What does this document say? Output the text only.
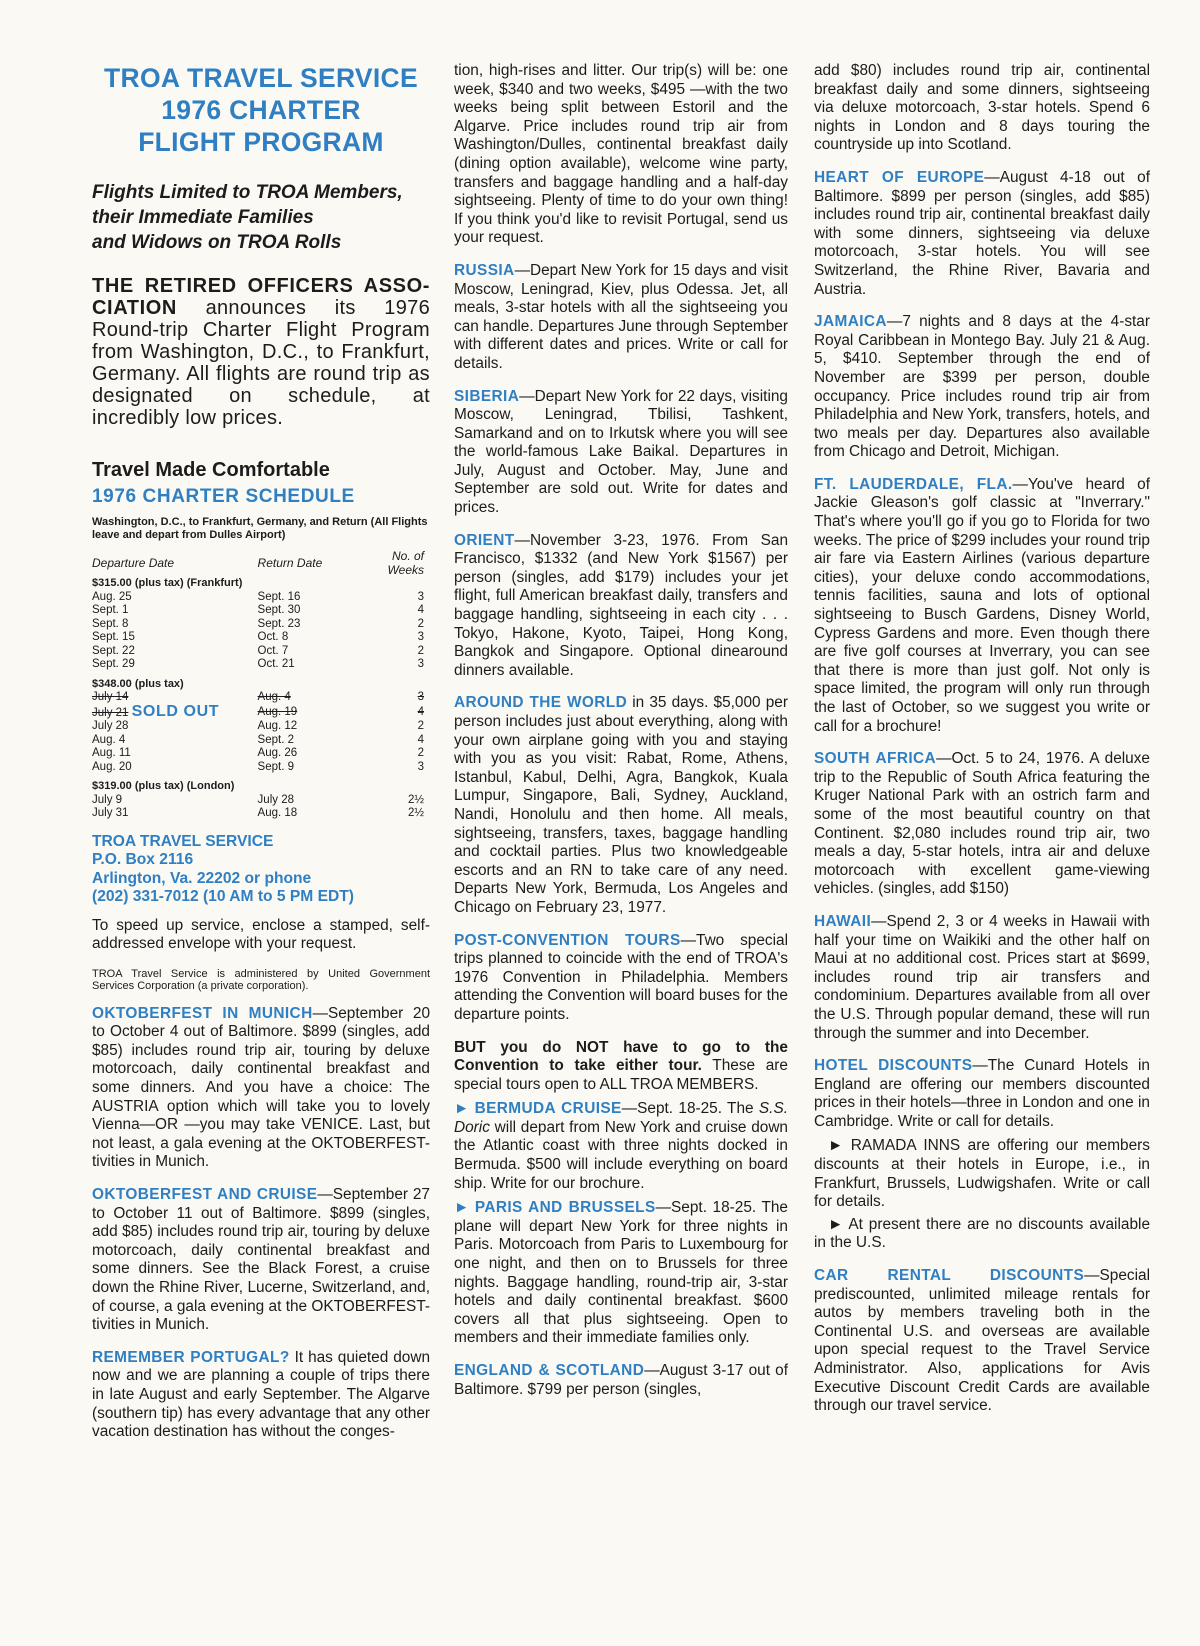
TROA TRAVEL SERVICE
1976 CHARTER
FLIGHT PROGRAM
Flights Limited to TROA Members,
their Immediate Families
and Widows on TROA Rolls
THE RETIRED OFFICERS ASSO-CIATION announces its 1976 Round-trip Charter Flight Program from Washington, D.C., to Frankfurt, Germany. All flights are round trip as designated on schedule, at incredibly low prices.
Travel Made Comfortable
1976 CHARTER SCHEDULE
Washington, D.C., to Frankfurt, Germany, and Return (All Flights leave and depart from Dulles Airport)
Departure Date	Return Date	No. of Weeks
$315.00 (plus tax) (Frankfurt)		
Aug. 25	Sept. 16	3
Sept. 1	Sept. 30	4
Sept. 8	Sept. 23	2
Sept. 15	Oct. 8	3
Sept. 22	Oct. 7	2
Sept. 29	Oct. 21	3

$348.00 (plus tax)		
July 14	Aug. 4	3
July 21 SOLD OUT	Aug. 19	4
July 28	Aug. 12	2
Aug. 4	Sept. 2	4
Aug. 11	Aug. 26	2
Aug. 20	Sept. 9	3

$319.00 (plus tax) (London)		
July 9	July 28	2½
July 31	Aug. 18	2½
TROA TRAVEL SERVICE
P.O. Box 2116
Arlington, Va. 22202 or phone
(202) 331-7012 (10 AM to 5 PM EDT)

To speed up service, enclose a stamped, self-addressed envelope with your request.

TROA Travel Service is administered by United Government Services Corporation (a private corporation).

OKTOBERFEST IN MUNICH—September 20 to October 4 out of Baltimore. $899 (singles, add $85) includes round trip air, touring by deluxe motorcoach, daily continental breakfast and some dinners. And you have a choice: The AUSTRIA option which will take you to lovely Vienna—OR —you may take VENICE. Last, but not least, a gala evening at the OKTOBERFEST-tivities in Munich.

OKTOBERFEST AND CRUISE—September 27 to October 11 out of Baltimore. $899 (singles, add $85) includes round trip air, touring by deluxe motorcoach, daily continental breakfast and some dinners. See the Black Forest, a cruise down the Rhine River, Lucerne, Switzerland, and, of course, a gala evening at the OKTOBERFEST-tivities in Munich.

REMEMBER PORTUGAL? It has quieted down now and we are planning a couple of trips there in late August and early September. The Algarve (southern tip) has every advantage that any other vacation destination has without the conges-

tion, high-rises and litter. Our trip(s) will be: one week, $340 and two weeks, $495 —with the two weeks being split between Estoril and the Algarve. Price includes round trip air from Washington/Dulles, continental breakfast daily (dining option available), welcome wine party, transfers and baggage handling and a half-day sightseeing. Plenty of time to do your own thing! If you think you'd like to revisit Portugal, send us your request.

RUSSIA—Depart New York for 15 days and visit Moscow, Leningrad, Kiev, plus Odessa. Jet, all meals, 3-star hotels with all the sightseeing you can handle. Departures June through September with different dates and prices. Write or call for details.

SIBERIA—Depart New York for 22 days, visiting Moscow, Leningrad, Tbilisi, Tashkent, Samarkand and on to Irkutsk where you will see the world-famous Lake Baikal. Departures in July, August and October. May, June and September are sold out. Write for dates and prices.

ORIENT—November 3-23, 1976. From San Francisco, $1332 (and New York $1567) per person (singles, add $179) includes your jet flight, full American breakfast daily, transfers and baggage handling, sightseeing in each city . . . Tokyo, Hakone, Kyoto, Taipei, Hong Kong, Bangkok and Singapore. Optional dinearound dinners available.

AROUND THE WORLD in 35 days. $5,000 per person includes just about everything, along with your own airplane going with you and staying with you as you visit: Rabat, Rome, Athens, Istanbul, Kabul, Delhi, Agra, Bangkok, Kuala Lumpur, Singapore, Bali, Sydney, Auckland, Nandi, Honolulu and then home. All meals, sightseeing, transfers, taxes, baggage handling and cocktail parties. Plus two knowledgeable escorts and an RN to take care of any need. Departs New York, Bermuda, Los Angeles and Chicago on February 23, 1977.

POST-CONVENTION TOURS—Two special trips planned to coincide with the end of TROA's 1976 Convention in Philadelphia. Members attending the Convention will board buses for the departure points.

BUT you do NOT have to go to the Convention to take either tour. These are special tours open to ALL TROA MEMBERS.

► BERMUDA CRUISE—Sept. 18-25. The S.S. Doric will depart from New York and cruise down the Atlantic coast with three nights docked in Bermuda. $500 will include everything on board ship. Write for our brochure.

► PARIS AND BRUSSELS—Sept. 18-25. The plane will depart New York for three nights in Paris. Motorcoach from Paris to Luxembourg for one night, and then on to Brussels for three nights. Baggage handling, round-trip air, 3-star hotels and daily continental breakfast. $600 covers all that plus sightseeing. Open to members and their immediate families only.

ENGLAND & SCOTLAND—August 3-17 out of Baltimore. $799 per person (singles,

add $80) includes round trip air, continental breakfast daily and some dinners, sightseeing via deluxe motorcoach, 3-star hotels. Spend 6 nights in London and 8 days touring the countryside up into Scotland.

HEART OF EUROPE—August 4-18 out of Baltimore. $899 per person (singles, add $85) includes round trip air, continental breakfast daily with some dinners, sightseeing via deluxe motorcoach, 3-star hotels. You will see Switzerland, the Rhine River, Bavaria and Austria.

JAMAICA—7 nights and 8 days at the 4-star Royal Caribbean in Montego Bay. July 21 & Aug. 5, $410. September through the end of November are $399 per person, double occupancy. Price includes round trip air from Philadelphia and New York, transfers, hotels, and two meals per day. Departures also available from Chicago and Detroit, Michigan.

FT. LAUDERDALE, FLA.—You've heard of Jackie Gleason's golf classic at "Inverrary." That's where you'll go if you go to Florida for two weeks. The price of $299 includes your round trip air fare via Eastern Airlines (various departure cities), your deluxe condo accommodations, tennis facilities, sauna and lots of optional sightseeing to Busch Gardens, Disney World, Cypress Gardens and more. Even though there are five golf courses at Inverrary, you can see that there is more than just golf. Not only is space limited, the program will only run through the last of October, so we suggest you write or call for a brochure!

SOUTH AFRICA—Oct. 5 to 24, 1976. A deluxe trip to the Republic of South Africa featuring the Kruger National Park with an ostrich farm and some of the most beautiful country on that Continent. $2,080 includes round trip air, two meals a day, 5-star hotels, intra air and deluxe motorcoach with excellent game-viewing vehicles. (singles, add $150)

HAWAII—Spend 2, 3 or 4 weeks in Hawaii with half your time on Waikiki and the other half on Maui at no additional cost. Prices start at $699, includes round trip air transfers and condominium. Departures available from all over the U.S. Through popular demand, these will run through the summer and into December.

HOTEL DISCOUNTS—The Cunard Hotels in England are offering our members discounted prices in their hotels—three in London and one in Cambridge. Write or call for details.

► RAMADA INNS are offering our members discounts at their hotels in Europe, i.e., in Frankfurt, Brussels, Ludwigshafen. Write or call for details.

► At present there are no discounts available in the U.S.

CAR RENTAL DISCOUNTS—Special prediscounted, unlimited mileage rentals for autos by members traveling both in the Continental U.S. and overseas are available upon special request to the Travel Service Administrator. Also, applications for Avis Executive Discount Credit Cards are available through our travel service.
